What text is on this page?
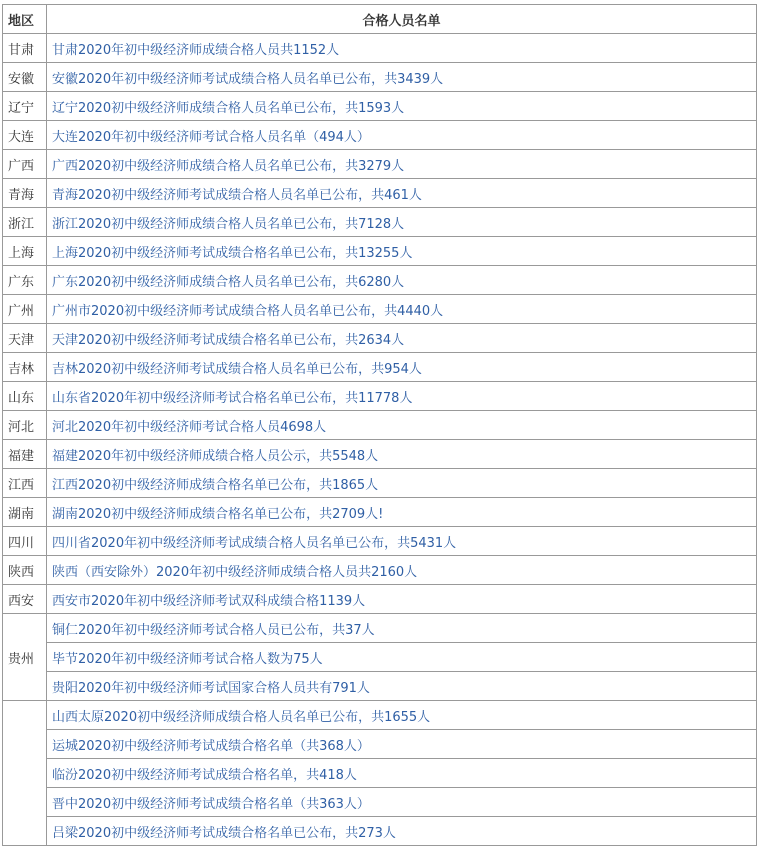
地区	合格人员名单
甘肃	甘肃2020年初中级经济师成绩合格人员共1152人
安徽	安徽2020年初中级经济师考试成绩合格人员名单已公布，共3439人
辽宁	辽宁2020初中级经济师成绩合格人员名单已公布，共1593人
大连	大连2020年初中级经济师考试合格人员名单（494人）
广西	广西2020初中级经济师成绩合格人员名单已公布，共3279人
青海	青海2020初中级经济师考试成绩合格人员名单已公布，共461人
浙江	浙江2020初中级经济师成绩合格人员名单已公布，共7128人
上海	上海2020初中级经济师考试成绩合格名单已公布，共13255人
广东	广东2020初中级经济师成绩合格人员名单已公布，共6280人
广州	广州市2020初中级经济师考试成绩合格人员名单已公布，共4440人
天津	天津2020初中级经济师考试成绩合格名单已公布，共2634人
吉林	吉林2020初中级经济师考试成绩合格人员名单已公布，共954人
山东	山东省2020年初中级经济师考试合格名单已公布，共11778人
河北	河北2020年初中级经济师考试合格人员4698人
福建	福建2020年初中级经济师成绩合格人员公示，共5548人
江西	江西2020初中级经济师成绩合格名单已公布，共1865人
湖南	湖南2020初中级经济师成绩合格名单已公布，共2709人!
四川	四川省2020年初中级经济师考试成绩合格人员名单已公布，共5431人
陕西	陕西（西安除外）2020年初中级经济师成绩合格人员共2160人
西安	西安市2020年初中级经济师考试双科成绩合格1139人
贵州	铜仁2020年初中级经济师考试合格人员已公布，共37人
	毕节2020年初中级经济师考试合格人数为75人
	贵阳2020年初中级经济师考试国家合格人员共有791人
	山西太原2020初中级经济师成绩合格人员名单已公布，共1655人
	运城2020初中级经济师考试成绩合格名单（共368人）
	临汾2020初中级经济师考试成绩合格名单，共418人
	晋中2020初中级经济师考试成绩合格名单（共363人）
	吕梁2020初中级经济师考试成绩合格名单已公布，共273人
